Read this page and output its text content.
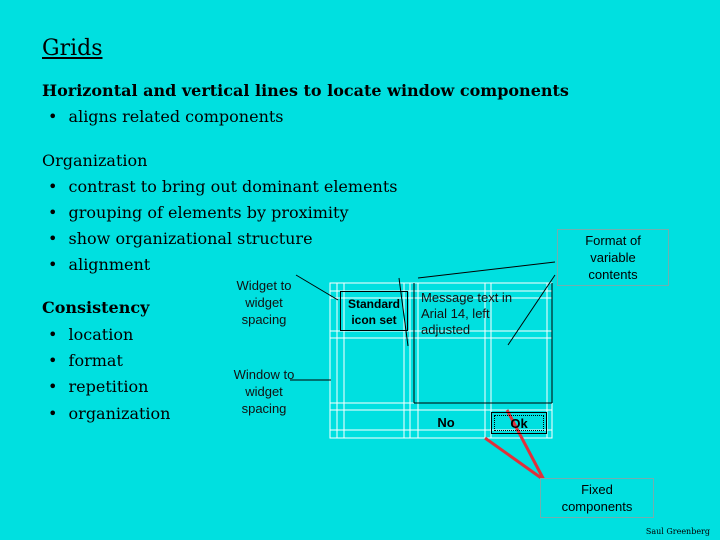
Grids
Horizontal and vertical lines to locate window components
• aligns related components
Organization
• contrast to bring out dominant elements
• grouping of elements by proximity
• show organizational structure
• alignment
Consistency
• location
• format
• repetition
• organization
Standard
icon set
Message text in
Arial 14, left
adjusted
No	Ok
Widget to
widget
spacing
Window to
widget
spacing
Format of
variable
contents
Fixed
components
Saul Greenberg
